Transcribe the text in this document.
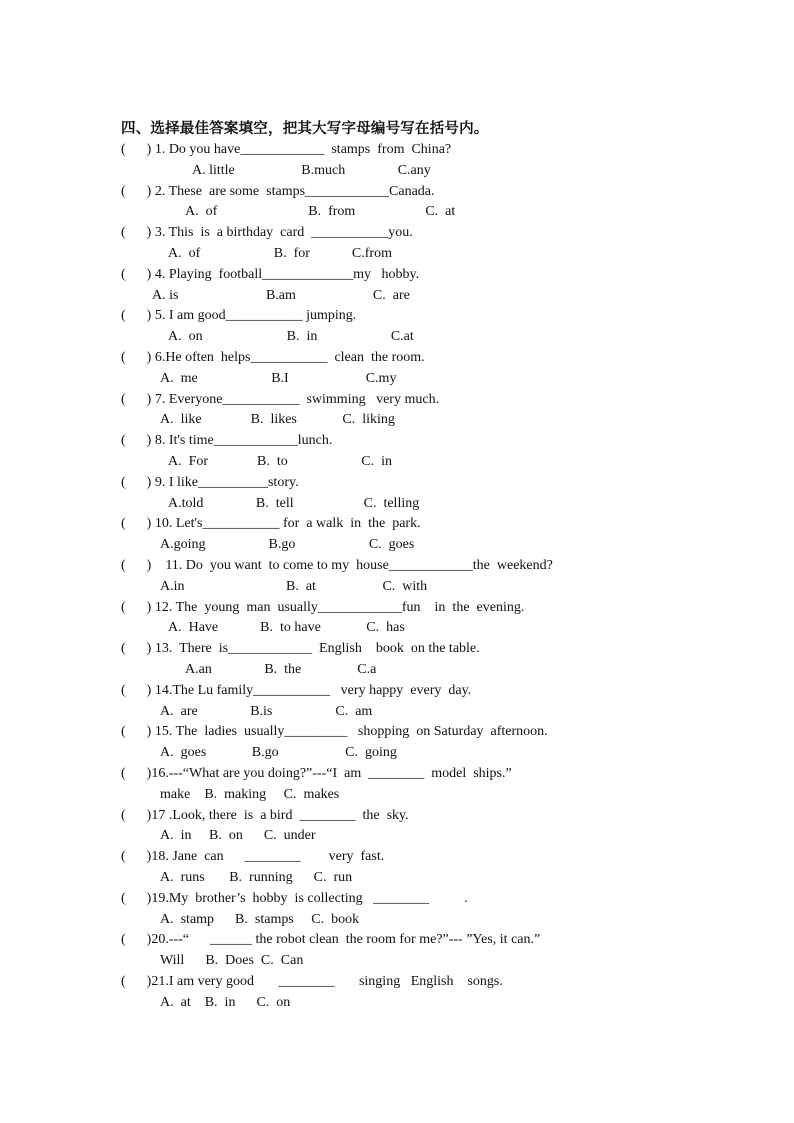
四、选择最佳答案填空，把其大写字母编号写在括号内。
(      ) 1. Do you have____________  stamps  from  China?
A. little                   B.much               C.any
(      ) 2. These  are some  stamps____________Canada.
A.  of                          B.  from                    C.  at
(      ) 3. This  is  a birthday  card  ___________you.
A.  of                     B.  for            C.from
(      ) 4. Playing  football_____________my   hobby.
A. is                         B.am                      C.  are
(      ) 5. I am good___________ jumping.
A.  on                        B.  in                     C.at
(      ) 6.He often  helps___________  clean  the room.
A.  me                     B.I                      C.my
(      ) 7. Everyone___________  swimming   very much.
A.  like              B.  likes             C.  liking
(      ) 8. It's time____________lunch.
A.  For              B.  to                     C.  in
(      ) 9. I like__________story.
A.told               B.  tell                    C.  telling
(      ) 10. Let's___________ for  a walk  in  the  park.
A.going                  B.go                     C.  goes
(      )    11. Do  you want  to come to my  house____________the  weekend?
A.in                             B.  at                   C.  with
(      ) 12. The  young  man  usually____________fun    in  the  evening.
A.  Have            B.  to have             C.  has
(      ) 13.  There  is____________  English    book  on the table.
A.an               B.  the                C.a
(      ) 14.The Lu family___________   very happy  every  day.
A.  are               B.is                  C.  am
(      ) 15. The  ladies  usually_________   shopping  on Saturday  afternoon.
A.  goes             B.go                   C.  going
(      )16.---“What are you doing?”---“I  am  ________  model  ships.”
make    B.  making     C.  makes
(      )17 .Look, there  is  a bird  ________  the  sky.
A.  in     B.  on      C.  under
(      )18. Jane  can      ________        very  fast.
A.  runs       B.  running      C.  run
(      )19.My  brother’s  hobby  is collecting   ________          .
A.  stamp      B.  stamps     C.  book
(      )20.---“      ______ the robot clean  the room for me?”--- ”Yes, it can.”
Will      B.  Does  C.  Can
(      )21.I am very good       ________       singing   English    songs.
A.  at    B.  in      C.  on
